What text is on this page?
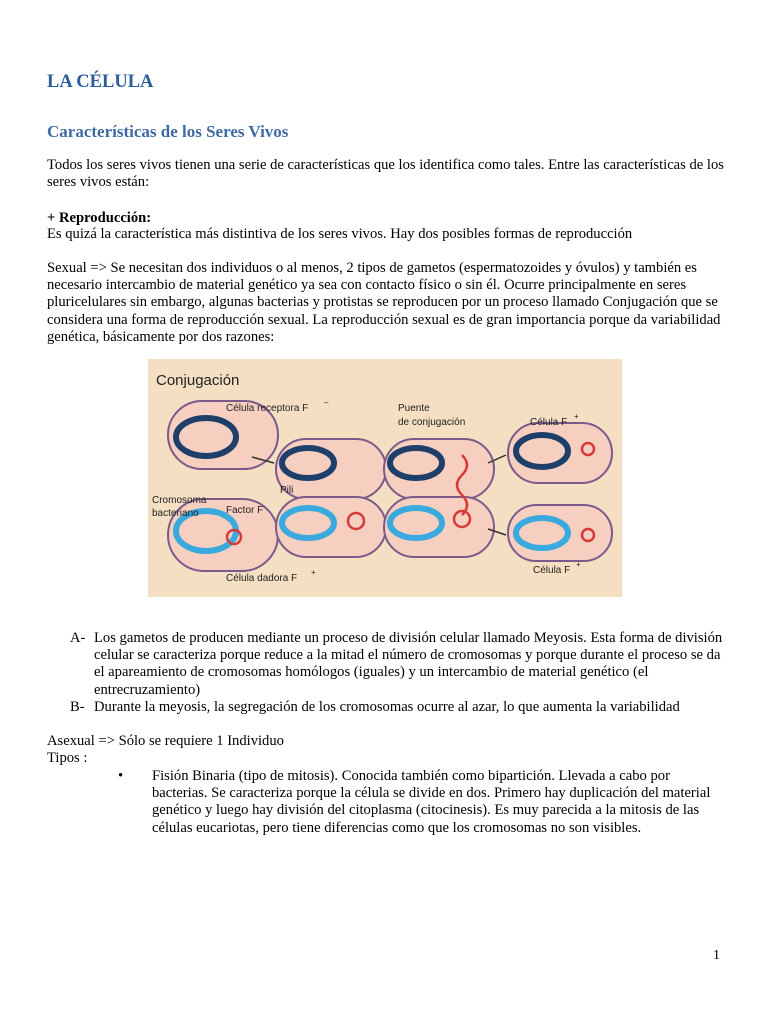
LA CÉLULA
Características de los Seres Vivos
Todos los seres vivos tienen una serie de características que los identifica como tales. Entre las características de los seres vivos están:
+ Reproducción:
Es quizá la característica más distintiva de los seres vivos. Hay dos posibles formas de reproducción
Sexual => Se necesitan dos individuos o al menos, 2 tipos de gametos (espermatozoides y óvulos) y también es necesario intercambio de material genético ya sea con contacto físico o sin él. Ocurre principalmente en seres pluricelulares sin embargo, algunas bacterias y protistas se reproducen por un proceso llamado Conjugación que se considera una forma de reproducción sexual. La reproducción sexual es de gran importancia porque da variabilidad genética, básicamente por dos razones:
Conjugación
Célula receptora F
–
Puente
de conjugación	Célula F
+
Pili
Cromosoma
bacteriano	Factor F
Célula dadora F
+	Célula F
+
A- Los gametos de producen mediante un proceso de división celular llamado Meyosis. Esta forma de división celular se caracteriza porque reduce a la mitad el número de cromosomas y porque durante el proceso se da el apareamiento de cromosomas homólogos (iguales) y un intercambio de material genético (el entrecruzamiento)
B- Durante la meyosis, la segregación de los cromosomas ocurre al azar, lo que aumenta la variabilidad
Asexual => Sólo se requiere 1 Individuo
Tipos :
•	Fisión Binaria (tipo de mitosis). Conocida también como bipartición. Llevada a cabo por bacterias. Se caracteriza porque la célula se divide en dos. Primero hay duplicación del material genético y luego hay división del citoplasma (citocinesis). Es muy parecida a la mitosis de las células eucariotas, pero tiene diferencias como que los cromosomas no son visibles.
1
